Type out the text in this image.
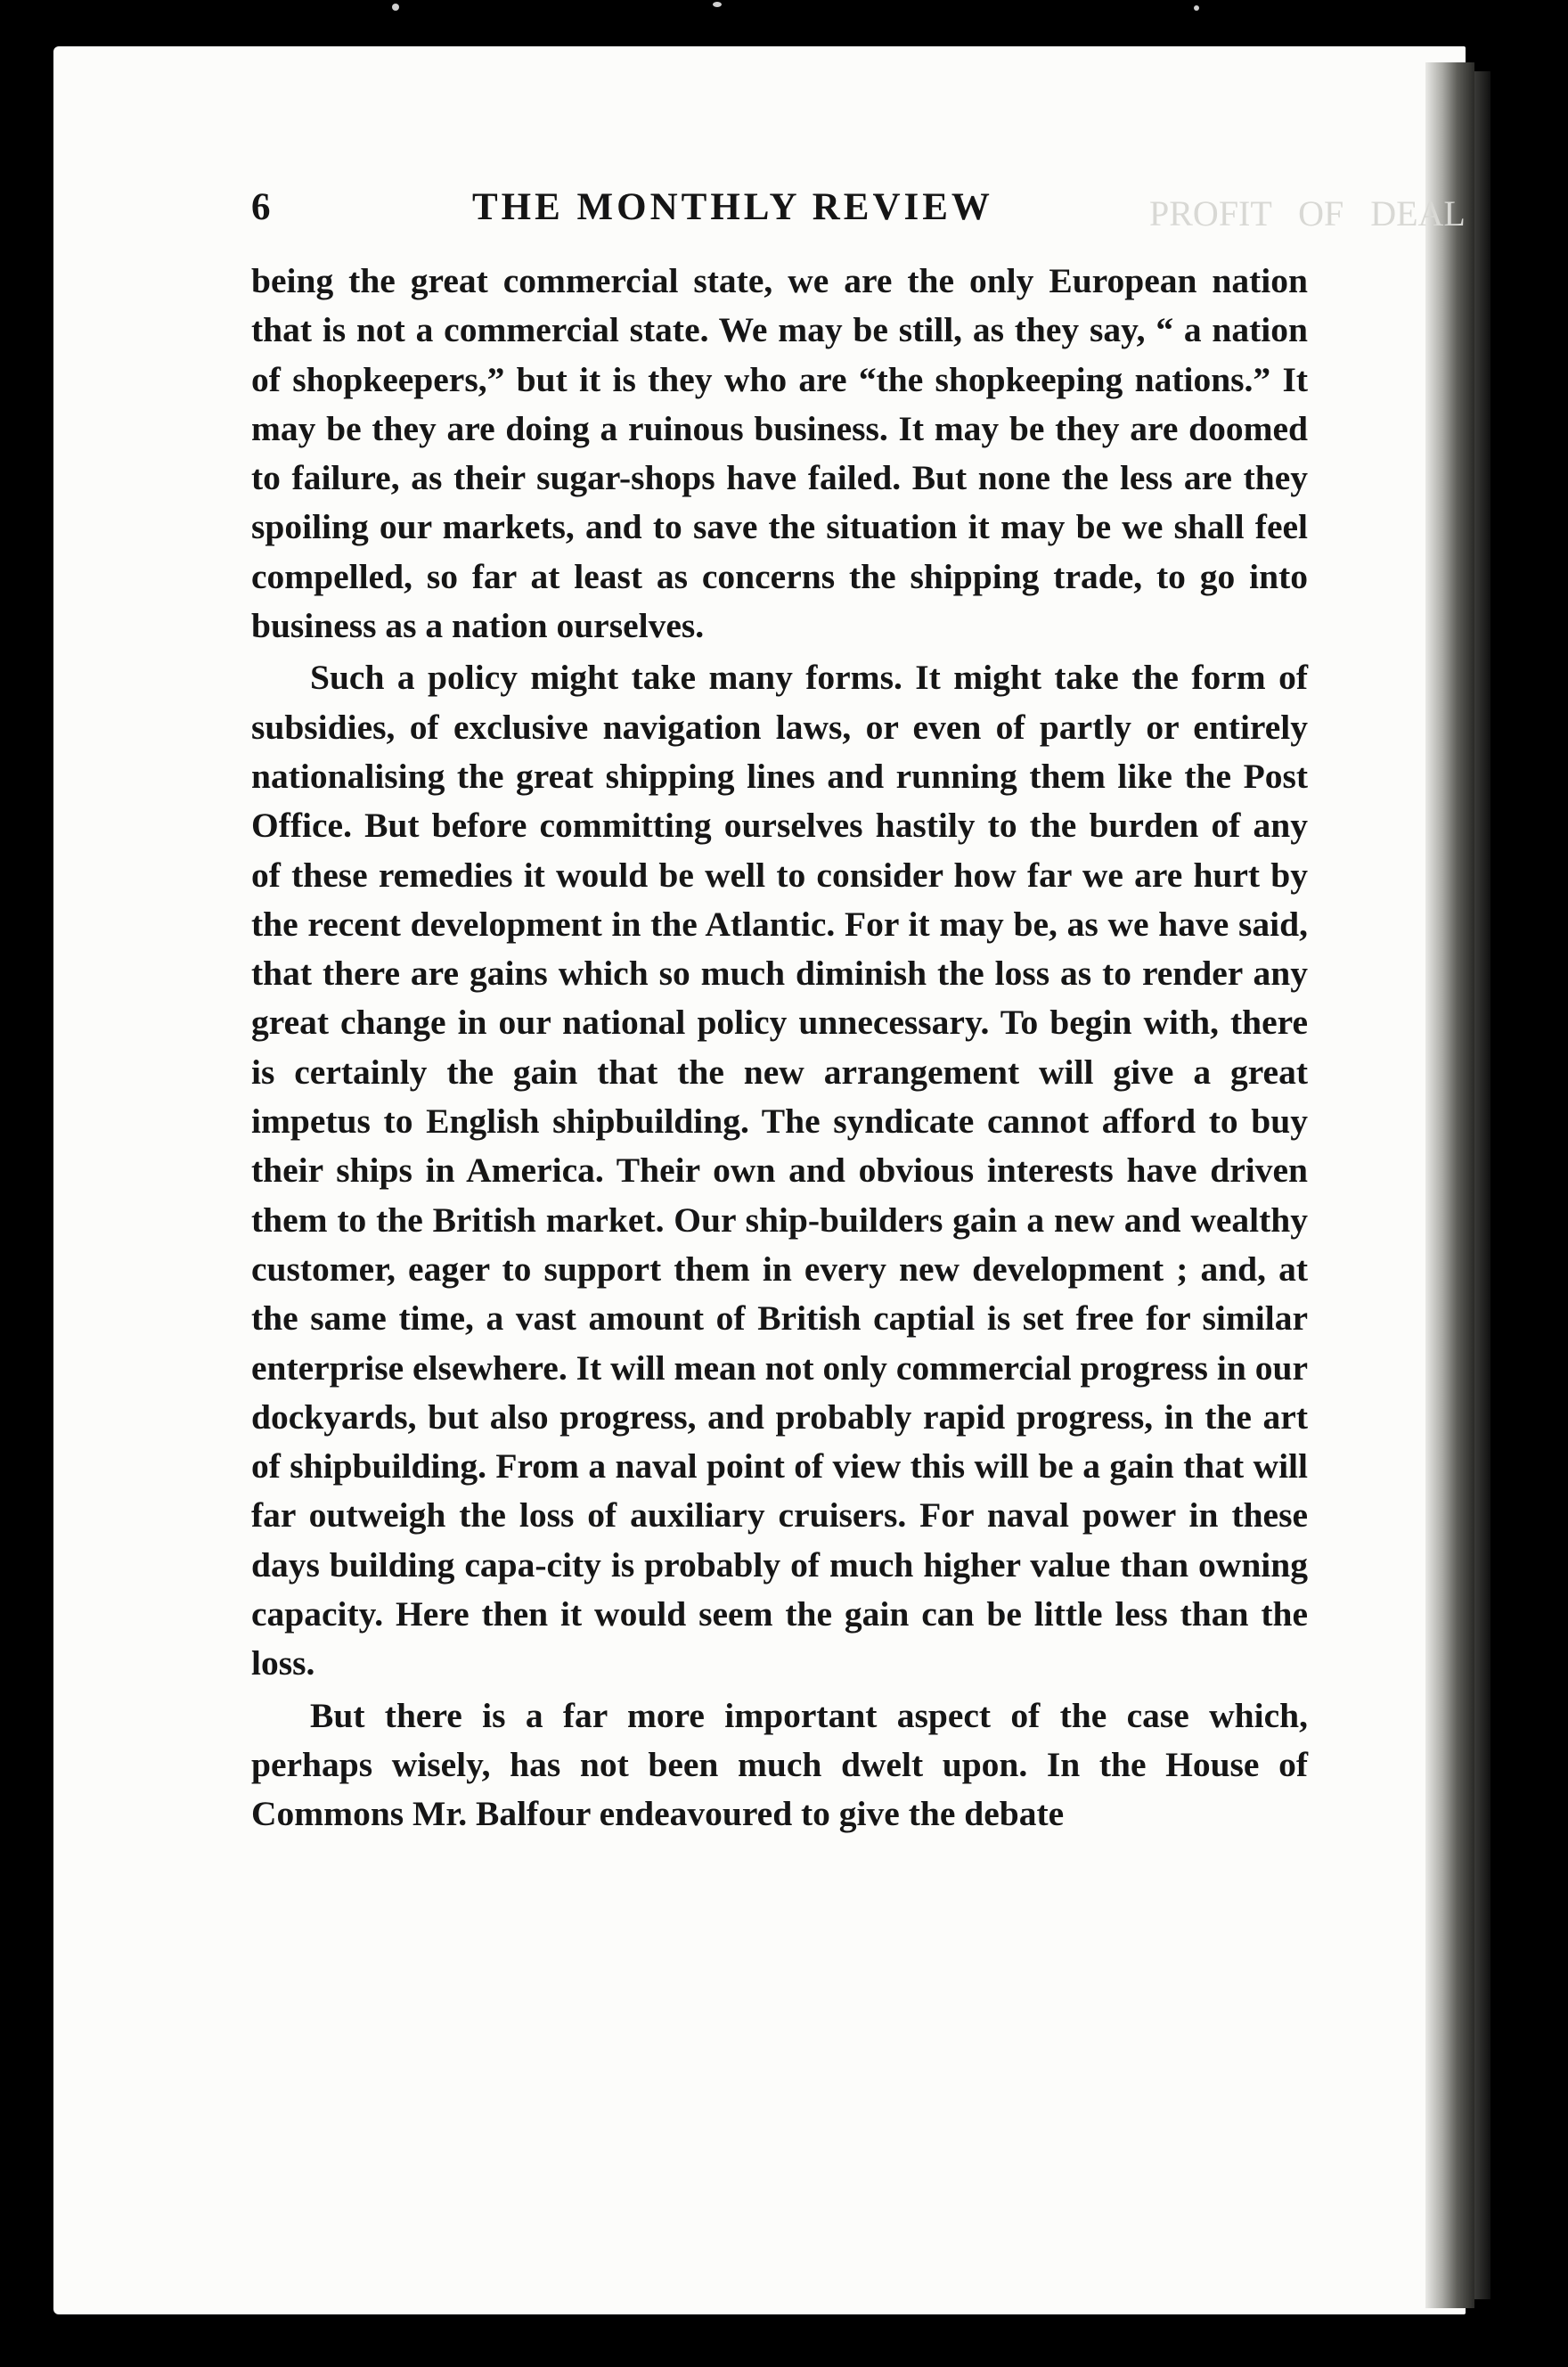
PROFIT   OF   DEAL
6	THE MONTHLY REVIEW

being the great commercial state, we are the only European nation that is not a commercial state. We may be still, as they say, “ a nation of shopkeepers,” but it is they who are “the shopkeeping nations.” It may be they are doing a ruinous business. It may be they are doomed to failure, as their sugar-shops have failed. But none the less are they spoiling our markets, and to save the situation it may be we shall feel compelled, so far at least as concerns the shipping trade, to go into business as a nation ourselves.

Such a policy might take many forms. It might take the form of subsidies, of exclusive navigation laws, or even of partly or entirely nationalising the great shipping lines and running them like the Post Office. But before committing ourselves hastily to the burden of any of these remedies it would be well to consider how far we are hurt by the recent development in the Atlantic. For it may be, as we have said, that there are gains which so much diminish the loss as to render any great change in our national policy unnecessary. To begin with, there is certainly the gain that the new arrangement will give a great impetus to English shipbuilding. The syndicate cannot afford to buy their ships in America. Their own and obvious interests have driven them to the British market. Our ship-builders gain a new and wealthy customer, eager to support them in every new development ; and, at the same time, a vast amount of British captial is set free for similar enterprise elsewhere. It will mean not only commercial progress in our dockyards, but also progress, and probably rapid progress, in the art of shipbuilding. From a naval point of view this will be a gain that will far outweigh the loss of auxiliary cruisers. For naval power in these days building capa-city is probably of much higher value than owning capacity. Here then it would seem the gain can be little less than the loss.

But there is a far more important aspect of the case which, perhaps wisely, has not been much dwelt upon. In the House of Commons Mr. Balfour endeavoured to give the debate
